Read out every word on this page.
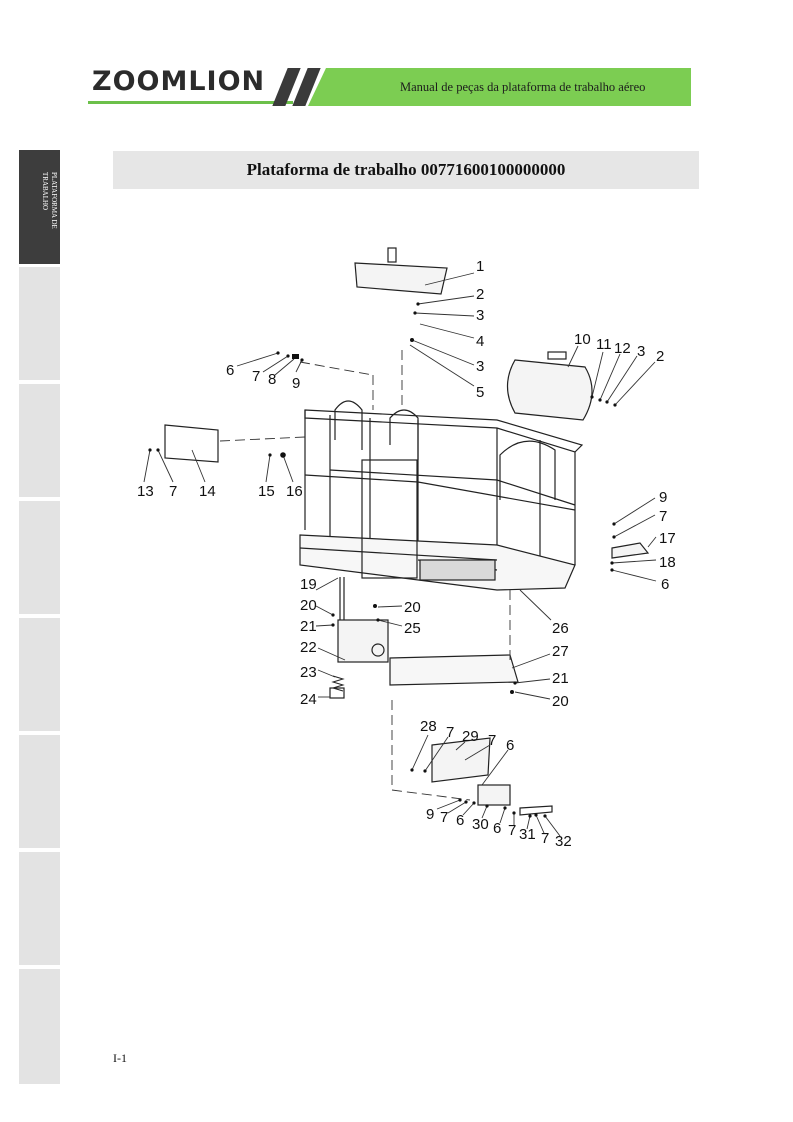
ZOOMLION	Manual de peças da plataforma de trabalho aéreo
PLATAFORMA DE TRABALHO
Plataforma de trabalho 00771600100000000
1
2
3
4
3
5
10 11 12 3 2
6 7 8 9
13 7 14	15 16	9
7
17
18
6
19
20	20
21	25
22
23
24
26
27
21
20
28 7 29 7 6
9 7 6 30 6 7 31 7 32
I-1
